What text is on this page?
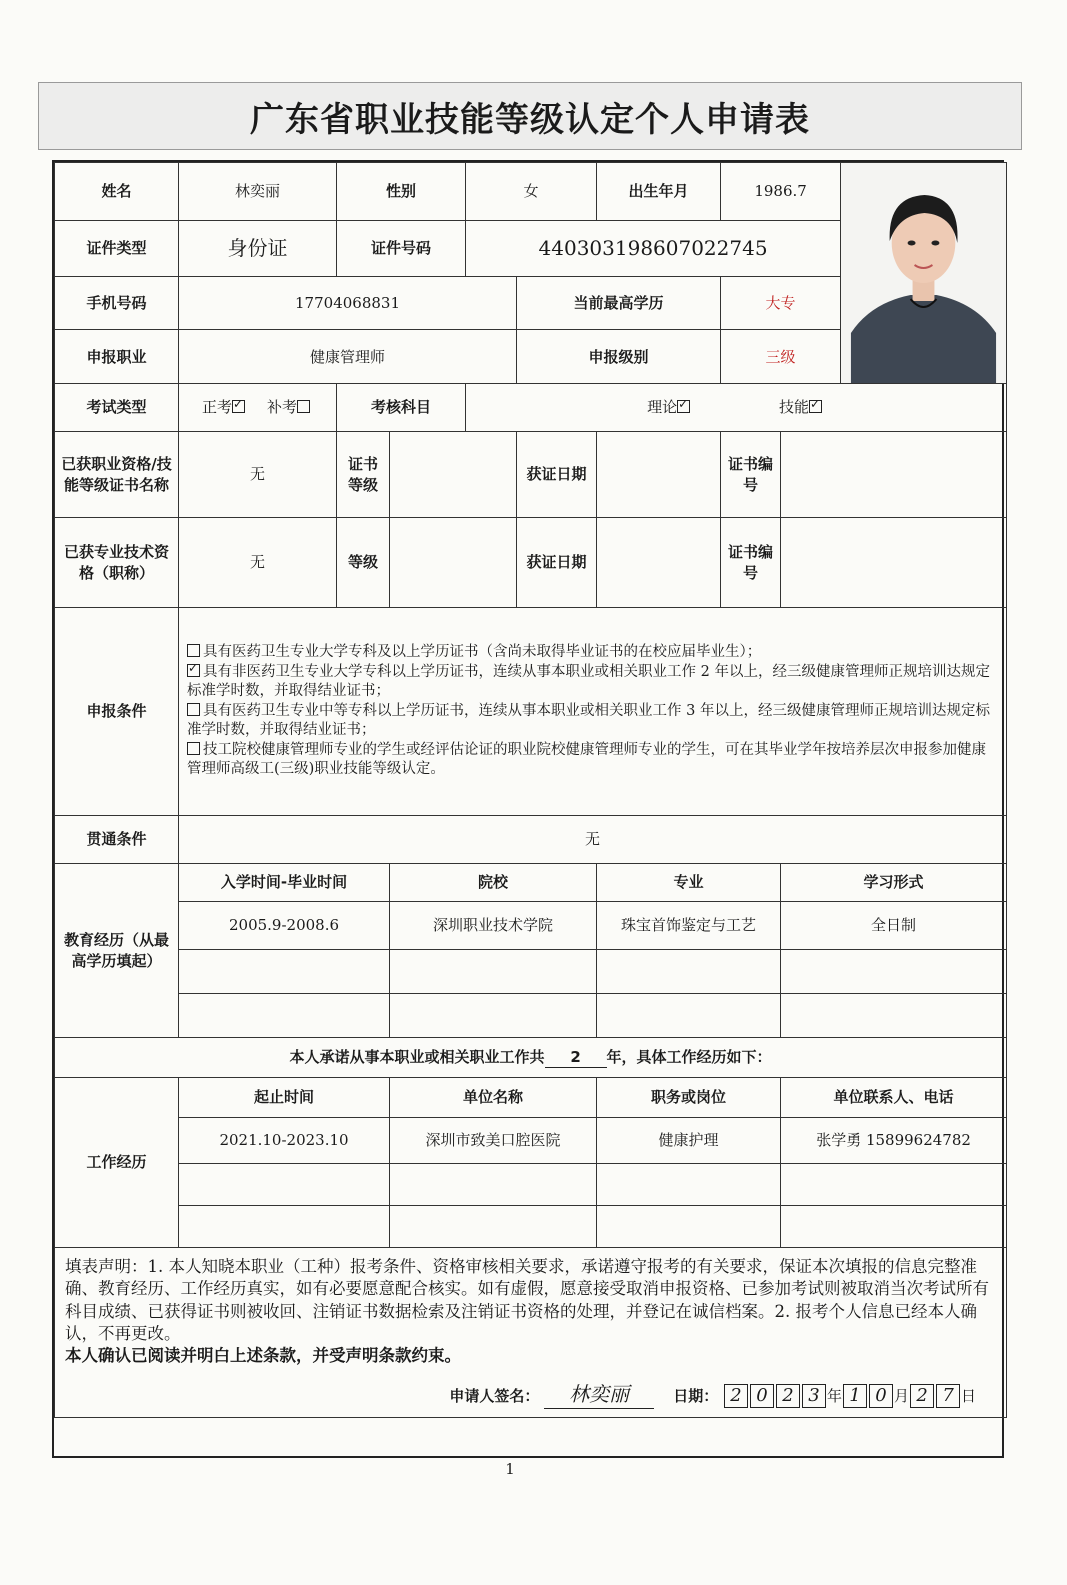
广东省职业技能等级认定个人申请表
姓名	林奕丽	性别		女		出生年月	1986.7	

证件类型	身份证	证件号码		440303198607022745					
手机号码	17704068831				当前最高学历		大专		
申报职业	健康管理师				申报级别		三级		
考试类型	正考 ✓ 补考	考核科目		理论 ✓ 技能✓
已获职业资格/技能等级证书名称	无	证书等级			获证日期		证书编号		
已获专业技术资格（职称）	无	等级			获证日期		证书编号		
申报条件	具有医药卫生专业大学专科及以上学历证书（含尚未取得毕业证书的在校应届毕业生）；
✓具有非医药卫生专业大学专科以上学历证书，连续从事本职业或相关职业工作 2 年以上，经三级健康管理师正规培训达规定标准学时数，并取得结业证书；
具有医药卫生专业中等专科以上学历证书，连续从事本职业或相关职业工作 3 年以上，经三级健康管理师正规培训达规定标准学时数，并取得结业证书；
技工院校健康管理师专业的学生或经评估论证的职业院校健康管理师专业的学生，可在其毕业学年按培养层次申报参加健康管理师高级工(三级)职业技能等级认定。

贯通条件	无								
教育经历（从最高学历填起）	入学时间-毕业时间		院校			专业		学习形式	
	2005.9-2008.6		深圳职业技术学院			珠宝首饰鉴定与工艺		全日制	

本人承诺从事本职业或相关职业工作共 2 年，具体工作经历如下：									
工作经历	起止时间		单位名称			职务或岗位		单位联系人、电话	
	2021.10-2023.10		深圳市致美口腔医院			健康护理		张学勇 15899624782	

填表声明：1. 本人知晓本职业（工种）报考条件、资格审核相关要求，承诺遵守报考的有关要求，保证本次填报的信息完整准确、教育经历、工作经历真实，如有必要愿意配合核实。如有虚假，愿意接受取消申报资格、已参加考试则被取消当次考试所有科目成绩、已获得证书则被收回、注销证书数据检索及注销证书资格的处理，并登记在诚信档案。2. 报考个人信息已经本人确认，不再更改。
本人确认已阅读并明白上述条款，并受声明条款约束。									

申请人签名： 林奕丽 日期： 2 0 2 3 年 1 0 月 2 7 日									
1
